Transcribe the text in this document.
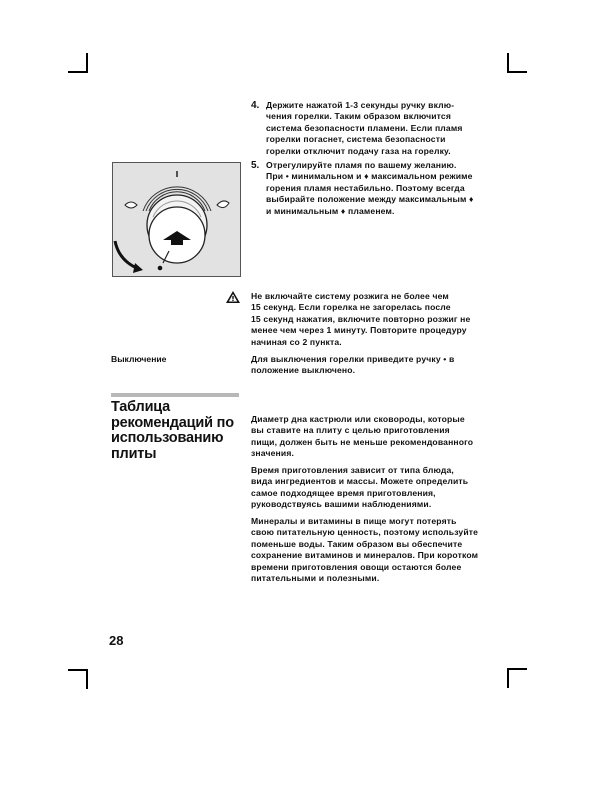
4. Держите нажатой 1-3 секунды ручку вклю-
чения горелки. Таким образом включится
система безопасности пламени. Если пламя
горелки погаснет, система безопасности
горелки отключит подачу газа на горелку.
5. Отрегулируйте пламя по вашему желанию.
При • минимальном и ♦ максимальном режиме
горения пламя нестабильно. Поэтому всегда
выбирайте положение между максимальным ♦
и минимальным ♦ пламенем.
Не включайте систему розжига не более чем
15 секунд. Если горелка не загорелась после
15 секунд нажатия, включите повторно розжиг не
менее чем через 1 минуту. Повторите процедуру
начиная со 2 пункта.
Выключение	Для выключения горелки приведите ручку • в
положение выключено.
Таблица
рекомендаций по
использованию
плиты
Диаметр дна кастрюли или сковороды, которые
вы ставите на плиту с целью приготовления
пищи, должен быть не меньше рекомендованного
значения.
Время приготовления зависит от типа блюда,
вида ингредиентов и массы. Можете определить
самое подходящее время приготовления,
руководствуясь вашими наблюдениями.
Минералы и витамины в пище могут потерять
свою питательную ценность, поэтому используйте
поменьше воды. Таким образом вы обеспечите
сохранение витаминов и минералов. При коротком
времени приготовления овощи остаются более
питательными и полезными.
28
